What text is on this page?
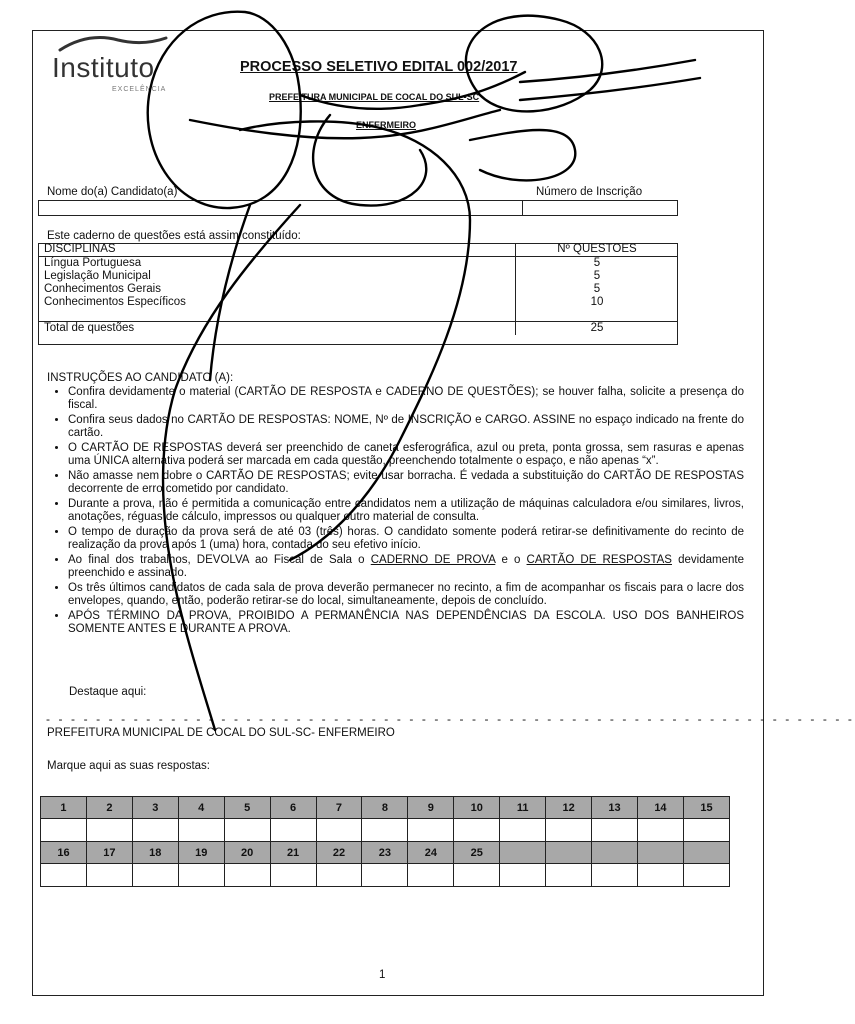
Instituto
EXCELÊNCIA
PROCESSO SELETIVO EDITAL 002/2017
PREFEITURA MUNICIPAL DE COCAL DO SUL-SC
ENFERMEIRO
Nome do(a) Candidato(a)	Número de Inscrição
Este caderno de questões está assim constituído:
DISCIPLINAS	Nº QUESTOES
Língua Portuguesa	5
Legislação Municipal	5
Conhecimentos Gerais	5
Conhecimentos Específicos	10

Total de questões	25
INSTRUÇÕES AO CANDIDATO (A):
• Confira devidamente o material (CARTÃO DE RESPOSTA e CADERNO DE QUESTÕES); se houver falha, solicite a presença do fiscal.
• Confira seus dados no CARTÃO DE RESPOSTAS: NOME, Nº de INSCRIÇÃO e CARGO. ASSINE no espaço indicado na frente do cartão.
• O CARTÃO DE RESPOSTAS deverá ser preenchido de caneta esferográfica, azul ou preta, ponta grossa, sem rasuras e apenas uma ÚNICA alternativa poderá ser marcada em cada questão, preenchendo totalmente o espaço, e não apenas “x”.
• Não amasse nem dobre o CARTÃO DE RESPOSTAS; evite usar borracha. É vedada a substituição do CARTÃO DE RESPOSTAS decorrente de erro cometido por candidato.
• Durante a prova, não é permitida a comunicação entre candidatos nem a utilização de máquinas calculadora e/ou similares, livros, anotações, réguas de cálculo, impressos ou qualquer outro material de consulta.
• O tempo de duração da prova será de até 03 (três) horas. O candidato somente poderá retirar-se definitivamente do recinto de realização da prova após 1 (uma) hora, contada do seu efetivo início.
• Ao final dos trabalhos, DEVOLVA ao Fiscal de Sala o CADERNO DE PROVA e o CARTÃO DE RESPOSTAS devidamente preenchido e assinado.
• Os três últimos candidatos de cada sala de prova deverão permanecer no recinto, a fim de acompanhar os fiscais para o lacre dos envelopes, quando, então, poderão retirar-se do local, simultaneamente, depois de concluído.
• APÓS TÉRMINO DA PROVA, PROIBIDO A PERMANÊNCIA NAS DEPENDÊNCIAS DA ESCOLA. USO DOS BANHEIROS SOMENTE ANTES E DURANTE A PROVA.
Destaque aqui:
- - - - - - - - - - - - - - - - - - - - - - - - - - - - - - - - - - - - - - - - - - - - - - - - - - - - - - - - - - - - - - - - -
PREFEITURA MUNICIPAL DE COCAL DO SUL-SC- ENFERMEIRO
Marque aqui as suas respostas:
1	2	3	4	5	6	7	8	9	10	11	12	13	14	15

16	17	18	19	20	21	22	23	24	25					

1
